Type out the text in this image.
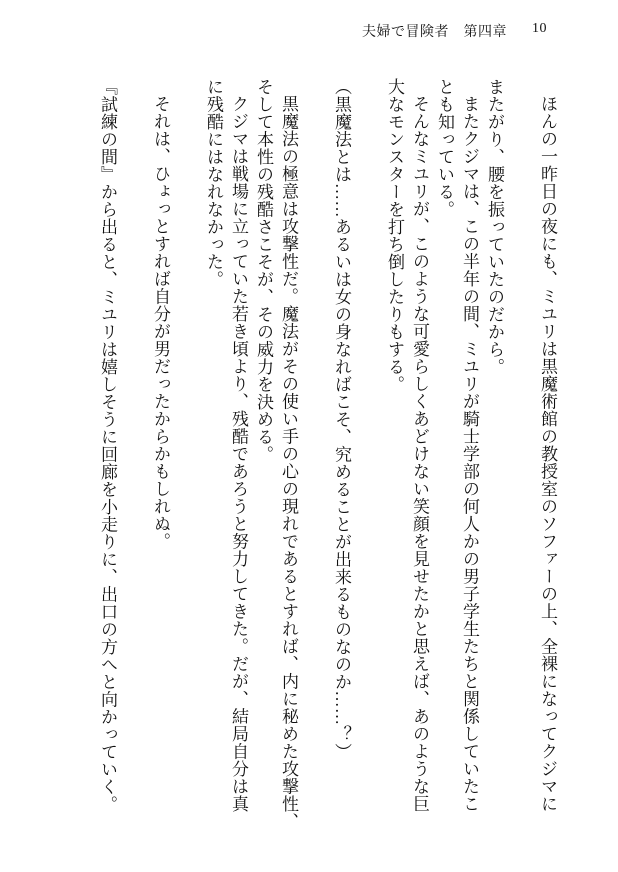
夫婦で冒険者　第四章 10
ほんの一昨日の夜にも、ミユリは黒魔術館の教授室のソファーの上、全裸になってクジマに
またがり、腰を振っていたのだから。
またクジマは、この半年の間、ミユリが騎士学部の何人かの男子学生たちと関係していたこ
とも知っている。
そんなミユリが、このような可愛らしくあどけない笑顔を見せたかと思えば、あのような巨
大なモンスターを打ち倒したりもする。
（黒魔法とは……あるいは女の身なればこそ、究めることが出来るものなのか……？）
黒魔法の極意は攻撃性だ。魔法がその使い手の心の現れであるとすれば、内に秘めた攻撃性、
そして本性の残酷さこそが、その威力を決める。
クジマは戦場に立っていた若き頃より、残酷であろうと努力してきた。だが、結局自分は真
に残酷にはなれなかった。
それは、ひょっとすれば自分が男だったからかもしれぬ。
『試練の間』から出ると、ミユリは嬉しそうに回廊を小走りに、出口の方へと向かっていく。
